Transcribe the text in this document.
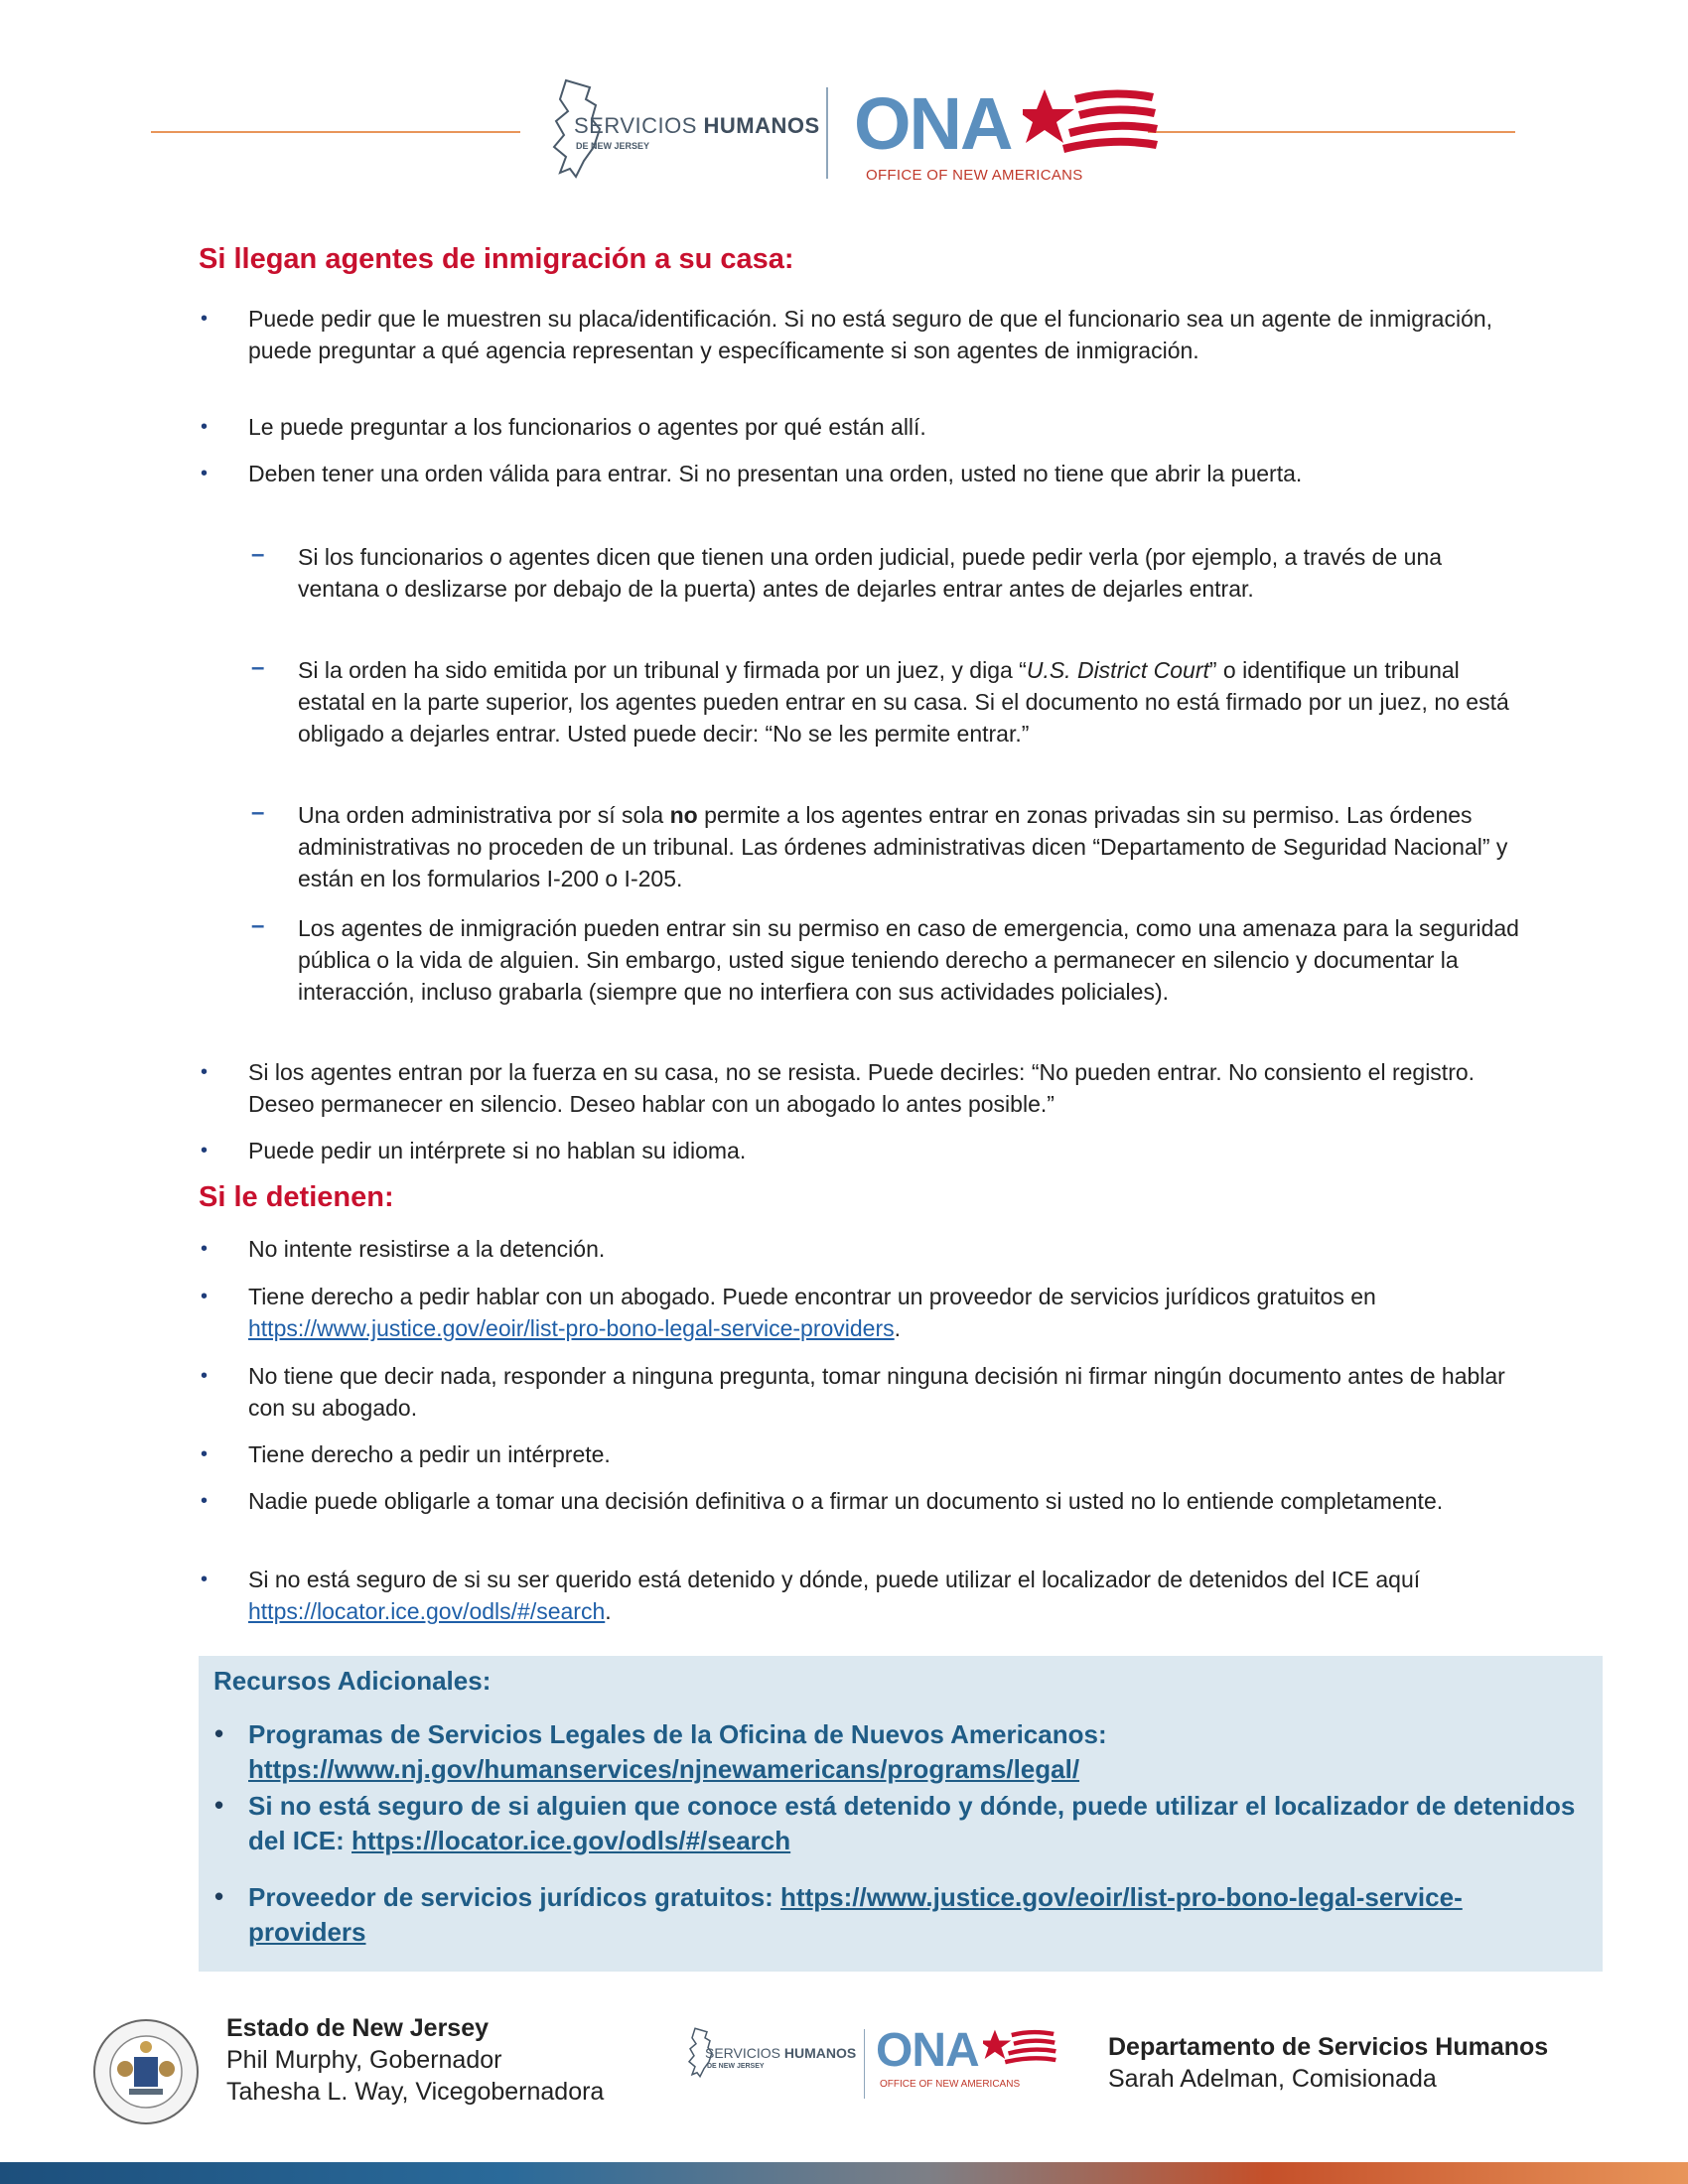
SERVICIOS HUMANOS
DE NEW JERSEY	ONA
OFFICE OF NEW AMERICANS
Si llegan agentes de inmigración a su casa:
• Puede pedir que le muestren su placa/identificación. Si no está seguro de que el funcionario sea un agente de inmigración, puede preguntar a qué agencia representan y específicamente si son agentes de inmigración.
• Le puede preguntar a los funcionarios o agentes por qué están allí.
• Deben tener una orden válida para entrar. Si no presentan una orden, usted no tiene que abrir la puerta.
– Si los funcionarios o agentes dicen que tienen una orden judicial, puede pedir verla (por ejemplo, a través de una ventana o deslizarse por debajo de la puerta) antes de dejarles entrar antes de dejarles entrar.
– Si la orden ha sido emitida por un tribunal y firmada por un juez, y diga “U.S. District Court” o identifique un tribunal estatal en la parte superior, los agentes pueden entrar en su casa. Si el documento no está firmado por un juez, no está obligado a dejarles entrar. Usted puede decir: “No se les permite entrar.”
– Una orden administrativa por sí sola no permite a los agentes entrar en zonas privadas sin su permiso. Las órdenes administrativas no proceden de un tribunal. Las órdenes administrativas dicen “Departamento de Seguridad Nacional” y están en los formularios I-200 o I-205.
– Los agentes de inmigración pueden entrar sin su permiso en caso de emergencia, como una amenaza para la seguridad pública o la vida de alguien. Sin embargo, usted sigue teniendo derecho a permanecer en silencio y documentar la interacción, incluso grabarla (siempre que no interfiera con sus actividades policiales).
• Si los agentes entran por la fuerza en su casa, no se resista. Puede decirles: “No pueden entrar. No consiento el registro. Deseo permanecer en silencio. Deseo hablar con un abogado lo antes posible.”
• Puede pedir un intérprete si no hablan su idioma.
Si le detienen:
• No intente resistirse a la detención.
• Tiene derecho a pedir hablar con un abogado. Puede encontrar un proveedor de servicios jurídicos gratuitos en https://www.justice.gov/eoir/list-pro-bono-legal-service-providers.
• No tiene que decir nada, responder a ninguna pregunta, tomar ninguna decisión ni firmar ningún documento antes de hablar con su abogado.
• Tiene derecho a pedir un intérprete.
• Nadie puede obligarle a tomar una decisión definitiva o a firmar un documento si usted no lo entiende completamente.
• Si no está seguro de si su ser querido está detenido y dónde, puede utilizar el localizador de detenidos del ICE aquí https://locator.ice.gov/odls/#/search.
Recursos Adicionales:
• Programas de Servicios Legales de la Oficina de Nuevos Americanos:
https://www.nj.gov/humanservices/njnewamericans/programs/legal/
• Si no está seguro de si alguien que conoce está detenido y dónde, puede utilizar el localizador de detenidos del ICE: https://locator.ice.gov/odls/#/search
• Proveedor de servicios jurídicos gratuitos: https://www.justice.gov/eoir/list-pro-bono-legal-service-providers
Estado de New Jersey
Phil Murphy, Gobernador
Tahesha L. Way, Vicegobernadora
SERVICIOS HUMANOS
DE NEW JERSEY ONA
OFFICE OF NEW AMERICANS
Departamento de Servicios Humanos
Sarah Adelman, Comisionada
